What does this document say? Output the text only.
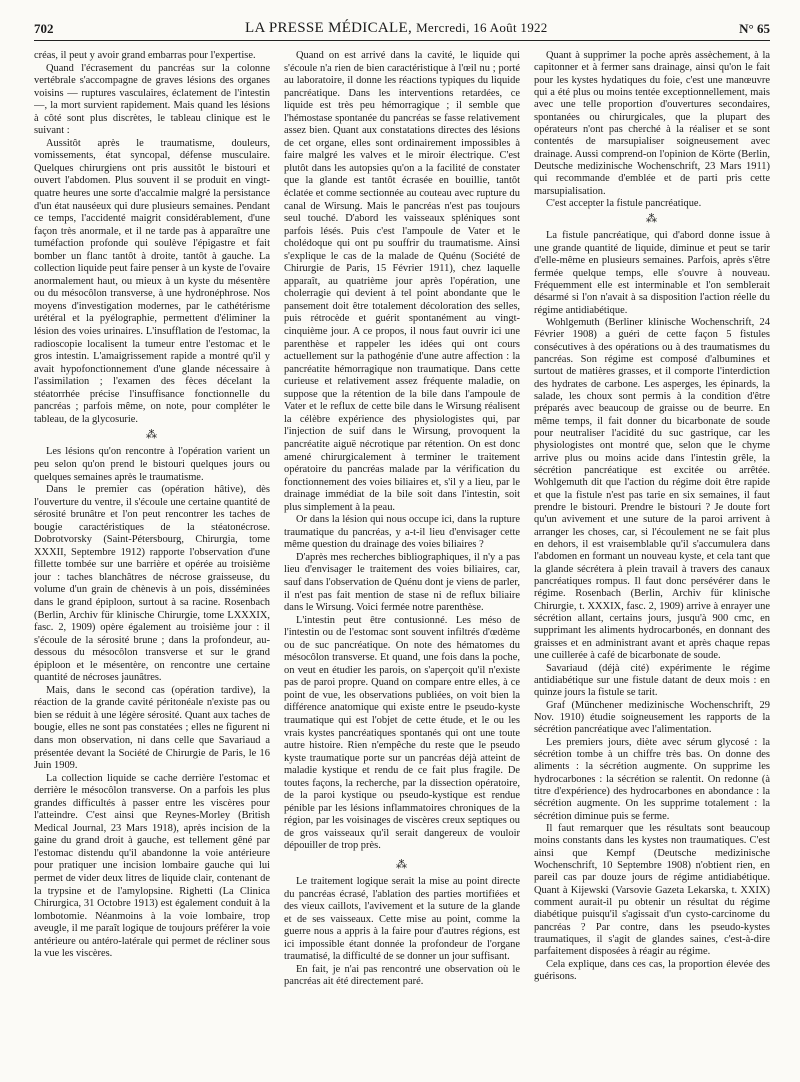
702	LA PRESSE MÉDICALE, Mercredi, 16 Août 1922	N° 65

créas, il peut y avoir grand embarras pour l'expertise.

Quand l'écrasement du pancréas sur la colonne vertébrale s'accompagne de graves lésions des organes voisins — ruptures vasculaires, éclatement de l'intestin —, la mort survient rapidement. Mais quand les lésions à côté sont plus discrètes, le tableau clinique est le suivant :

Aussitôt après le traumatisme, douleurs, vomissements, état syncopal, défense musculaire. Quelques chirurgiens ont pris aussitôt le bistouri et ouvert l'abdomen. Plus souvent il se produit en vingt-quatre heures une sorte d'accalmie malgré la persistance d'un état nauséeux qui dure plusieurs semaines. Pendant ce temps, l'accidenté maigrit considérablement, d'une façon très anormale, et il ne tarde pas à apparaître une tuméfaction profonde qui soulève l'épigastre et fait bomber un flanc tantôt à droite, tantôt à gauche. La collection liquide peut faire penser à un kyste de l'ovaire anormalement haut, ou mieux à un kyste du mésentère ou du mésocôlon transverse, à une hydronéphrose. Nos moyens d'investigation modernes, par le cathétérisme urétéral et la pyélographie, permettent d'éliminer la lésion des voies urinaires. L'insufflation de l'estomac, la radioscopie localisent la tumeur entre l'estomac et le gros intestin. L'amaigrissement rapide a montré qu'il y avait hypofonctionnement d'une glande nécessaire à l'assimilation ; l'examen des fèces décelant la stéatorrhée précise l'insuffisance fonctionnelle du pancréas ; parfois même, on note, pour compléter le tableau, de la glycosurie.

⁂

Les lésions qu'on rencontre à l'opération varient un peu selon qu'on prend le bistouri quelques jours ou quelques semaines après le traumatisme.

Dans le premier cas (opération hâtive), dès l'ouverture du ventre, il s'écoule une certaine quantité de sérosité brunâtre et l'on peut rencontrer les taches de bougie caractéristiques de la stéatonécrose. Dobrotvorsky (Saint-Pétersbourg, Chirurgia, tome XXXII, Septembre 1912) rapporte l'observation d'une fillette tombée sur une barrière et opérée au troisième jour : taches blanchâtres de nécrose graisseuse, du volume d'un grain de chènevis à un pois, disséminées dans le grand épiploon, surtout à sa racine. Rosenbach (Berlin, Archiv für klinische Chirurgie, tome LXXXIX, fasc. 2, 1909) opère également au troisième jour : il s'écoule de la sérosité brune ; dans la profondeur, au-dessous du mésocôlon transverse et sur le grand épiploon et le mésentère, on rencontre une certaine quantité de nécroses jaunâtres.

Mais, dans le second cas (opération tardive), la réaction de la grande cavité péritonéale n'existe pas ou bien se réduit à une légère sérosité. Quant aux taches de bougie, elles ne sont pas constatées ; elles ne figurent ni dans mon observation, ni dans celle que Savariaud a présentée devant la Société de Chirurgie de Paris, le 16 Juin 1909.

La collection liquide se cache derrière l'estomac et derrière le mésocôlon transverse. On a parfois les plus grandes difficultés à passer entre les viscères pour l'atteindre. C'est ainsi que Reynes-Morley (British Medical Journal, 23 Mars 1918), après incision de la gaine du grand droit à gauche, est tellement gêné par l'estomac distendu qu'il abandonne la voie antérieure pour pratiquer une incision lombaire gauche qui lui permet de vider deux litres de liquide clair, contenant de la trypsine et de l'amylopsine. Righetti (La Clinica Chirurgica, 31 Octobre 1913) est également conduit à la lombotomie. Néanmoins à la voie lombaire, trop aveugle, il me paraît logique de toujours préférer la voie antérieure ou antéro-latérale qui permet de récliner sous la vue les viscères.

Quand on est arrivé dans la cavité, le liquide qui s'écoule n'a rien de bien caractéristique à l'œil nu ; porté au laboratoire, il donne les réactions typiques du liquide pancréatique. Dans les interventions retardées, ce liquide est très peu hémorragique ; il semble que l'hémostase spontanée du pancréas se fasse relativement assez bien. Quant aux constatations directes des lésions de cet organe, elles sont ordinairement impossibles à faire malgré les valves et le miroir électrique. C'est plutôt dans les autopsies qu'on a la facilité de constater que la glande est tantôt écrasée en bouillie, tantôt éclatée et comme sectionnée au couteau avec rupture du canal de Wirsung. Mais le pancréas n'est pas toujours seul touché. D'abord les vaisseaux spléniques sont parfois lésés. Puis c'est l'ampoule de Vater et le cholédoque qui ont pu souffrir du traumatisme. Ainsi s'explique le cas de la malade de Quénu (Société de Chirurgie de Paris, 15 Février 1911), chez laquelle apparaît, au quatrième jour après l'opération, une cholerragie qui devient à tel point abondante que le pansement doit être totalement décoloration des selles, puis rétrocède et guérit spontanément au vingt-cinquième jour. A ce propos, il nous faut ouvrir ici une parenthèse et rappeler les idées qui ont cours actuellement sur la pathogénie d'une autre affection : la pancréatite hémorragique non traumatique. Dans cette curieuse et relativement assez fréquente maladie, on suppose que la rétention de la bile dans l'ampoule de Vater et le reflux de cette bile dans le Wirsung réalisent la célèbre expérience des physiologistes qui, par l'injection de suif dans le Wirsung, provoquent la pancréatite aiguë nécrotique par rétention. On est donc amené chirurgicalement à terminer le traitement opératoire du pancréas malade par la vérification du fonctionnement des voies biliaires et, s'il y a lieu, par le drainage immédiat de la bile soit dans l'intestin, soit plus simplement à la peau.

Or dans la lésion qui nous occupe ici, dans la rupture traumatique du pancréas, y a-t-il lieu d'envisager cette même question du drainage des voies biliaires ?

D'après mes recherches bibliographiques, il n'y a pas lieu d'envisager le traitement des voies biliaires, car, sauf dans l'observation de Quénu dont je viens de parler, il n'est pas fait mention de stase ni de reflux biliaire dans le Wirsung. Voici fermée notre parenthèse.

L'intestin peut être contusionné. Les méso de l'intestin ou de l'estomac sont souvent infiltrés d'œdème ou de suc pancréatique. On note des hématomes du mésocôlon transverse. Et quand, une fois dans la poche, on veut en étudier les parois, on s'aperçoit qu'il n'existe pas de paroi propre. Quand on compare entre elles, à ce point de vue, les observations publiées, on voit bien la différence anatomique qui existe entre le pseudo-kyste traumatique qui est l'objet de cette étude, et le ou les vrais kystes pancréatiques spontanés qui ont une toute autre histoire. Rien n'empêche du reste que le pseudo kyste traumatique porte sur un pancréas déjà atteint de maladie kystique et rendu de ce fait plus fragile. De toutes façons, la recherche, par la dissection opératoire, de la paroi kystique ou pseudo-kystique est rendue pénible par les lésions inflammatoires chroniques de la région, par les voisinages de viscères creux septiques ou de gros vaisseaux qu'il serait dangereux de vouloir dépouiller de trop près.

⁂

Le traitement logique serait la mise au point directe du pancréas écrasé, l'ablation des parties mortifiées et des vieux caillots, l'avivement et la suture de la glande et de ses vaisseaux. Cette mise au point, comme la guerre nous a appris à la faire pour d'autres régions, est ici impossible étant donnée la profondeur de l'organe traumatisé, la difficulté de se donner un jour suffisant.

En fait, je n'ai pas rencontré une observation où le pancréas ait été directement paré.

Quant à supprimer la poche après assèchement, à la capitonner et à fermer sans drainage, ainsi qu'on le fait pour les kystes hydatiques du foie, c'est une manœuvre qui a été plus ou moins tentée exceptionnellement, mais avec une telle proportion d'ouvertures secondaires, spontanées ou chirurgicales, que la plupart des opérateurs n'ont pas cherché à la réaliser et se sont contentés de marsupialiser soigneusement avec drainage. Aussi comprend-on l'opinion de Körte (Berlin, Deutsche medizinische Wochenschrift, 23 Mars 1911) qui recommande d'emblée et de parti pris cette marsupialisation.

C'est accepter la fistule pancréatique.

⁂

La fistule pancréatique, qui d'abord donne issue à une grande quantité de liquide, diminue et peut se tarir d'elle-même en plusieurs semaines. Parfois, après s'être fermée quelque temps, elle s'ouvre à nouveau. Fréquemment elle est interminable et l'on semblerait désarmé si l'on n'avait à sa disposition l'action réelle du régime antidiabétique.

Wohlgemuth (Berliner klinische Wochenschrift, 24 Février 1908) a guéri de cette façon 5 fistules consécutives à des opérations ou à des traumatismes du pancréas. Son régime est composé d'albumines et surtout de matières grasses, et il comporte l'interdiction des hydrates de carbone. Les asperges, les épinards, la salade, les choux sont permis à la condition d'être préparés avec beaucoup de graisse ou de beurre. En même temps, il fait donner du bicarbonate de soude pour neutraliser l'acidité du suc gastrique, car les physiologistes ont montré que, selon que le chyme arrive plus ou moins acide dans l'intestin grêle, la sécrétion pancréatique est excitée ou arrêtée. Wohlgemuth dit que l'action du régime doit être rapide et que la fistule n'est pas tarie en six semaines, il faut prendre le bistouri. Prendre le bistouri ? Je doute fort qu'un avivement et une suture de la paroi arrivent à arranger les choses, car, si l'écoulement ne se fait plus en dehors, il est vraisemblable qu'il s'accumulera dans l'abdomen en formant un nouveau kyste, et cela tant que la glande sécrétera à plein travail à travers des canaux pancréatiques rompus. Il faut donc persévérer dans le régime. Rosenbach (Berlin, Archiv für klinische Chirurgie, t. XXXIX, fasc. 2, 1909) arrive à enrayer une sécrétion allant, certains jours, jusqu'à 900 cmc, en supprimant les aliments hydrocarbonés, en donnant des graisses et en administrant avant et après chaque repas une cuillerée à café de bicarbonate de soude.

Savariaud (déjà cité) expérimente le régime antidiabétique sur une fistule datant de deux mois : en quinze jours la fistule se tarit.

Graf (Münchener medizinische Wochenschrift, 29 Nov. 1910) étudie soigneusement les rapports de la sécrétion pancréatique avec l'alimentation.

Les premiers jours, diète avec sérum glycosé : la sécrétion tombe à un chiffre très bas. On donne des aliments : la sécrétion augmente. On supprime les hydrocarbones : la sécrétion se ralentit. On redonne (à titre d'expérience) des hydrocarbones en abondance : la sécrétion augmente. On les supprime totalement : la sécrétion diminue puis se ferme.

Il faut remarquer que les résultats sont beaucoup moins constants dans les kystes non traumatiques. C'est ainsi que Kempf (Deutsche medizinische Wochenschrift, 10 Septembre 1908) n'obtient rien, en pareil cas par douze jours de régime antidiabétique. Quant à Kijewski (Varsovie Gazeta Lekarska, t. XXIX) comment aurait-il pu obtenir un résultat du régime diabétique puisqu'il s'agissait d'un cysto-carcinome du pancréas ? Par contre, dans les pseudo-kystes traumatiques, il s'agit de glandes saines, c'est-à-dire parfaitement disposées à réagir au régime.

Cela explique, dans ces cas, la proportion élevée des guérisons.
